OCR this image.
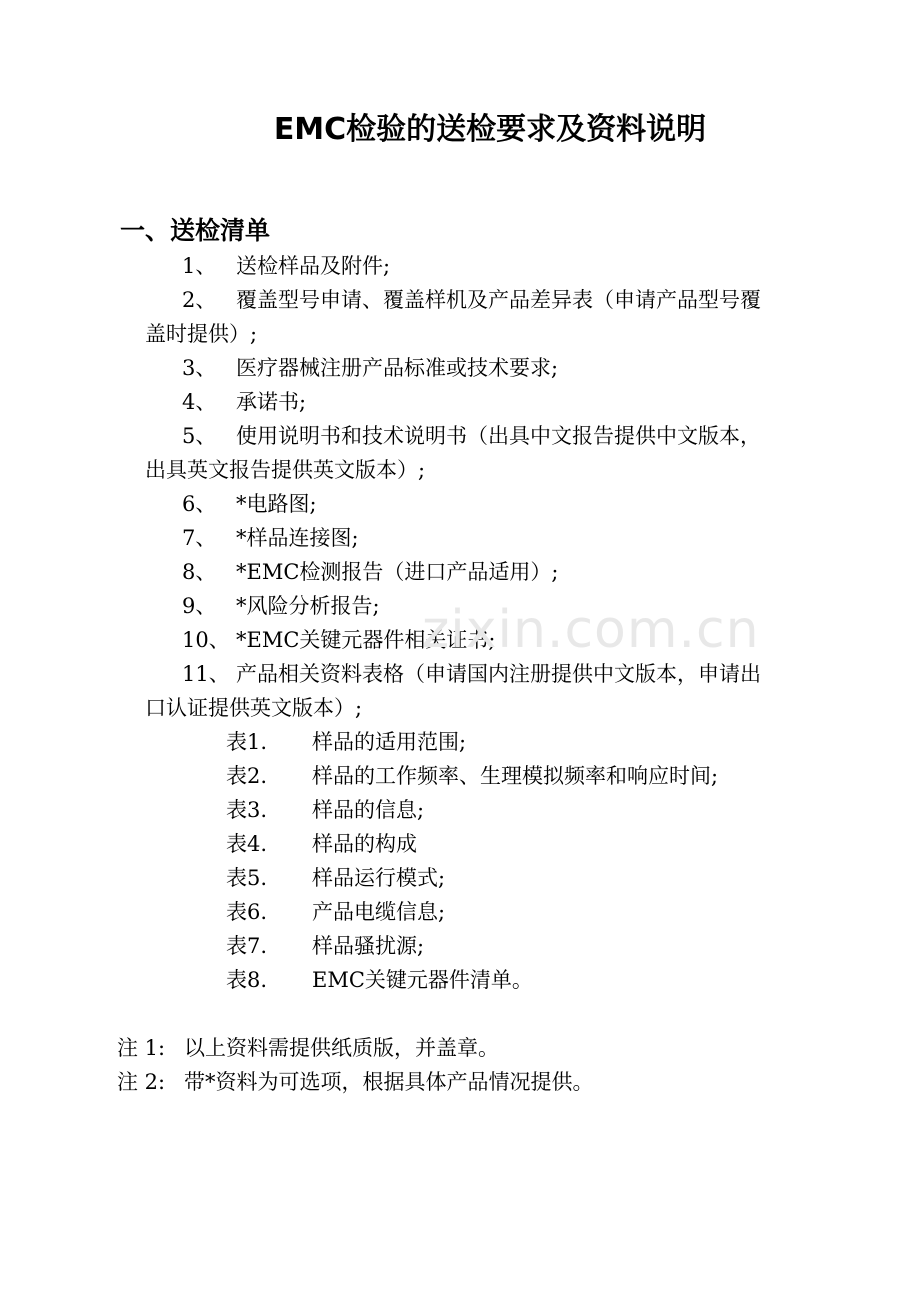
EMC检验的送检要求及资料说明
一、送检清单
1、 送检样品及附件;
2、 覆盖型号申请、覆盖样机及产品差异表（申请产品型号覆
盖时提供）;
3、 医疗器械注册产品标准或技术要求;
4、 承诺书;
5、 使用说明书和技术说明书（出具中文报告提供中文版本，
出具英文报告提供英文版本）;
6、 *电路图;
7、 *样品连接图;
8、 *EMC检测报告（进口产品适用）;
9、 *风险分析报告;
10、 *EMC关键元器件相关证书;
11、 产品相关资料表格（申请国内注册提供中文版本，申请出
口认证提供英文版本）;
表1. 样品的适用范围;
表2. 样品的工作频率、生理模拟频率和响应时间;
表3. 样品的信息;
表4. 样品的构成
表5. 样品运行模式;
表6. 产品电缆信息;
表7. 样品骚扰源;
表8. EMC关键元器件清单。
注 1: 以上资料需提供纸质版，并盖章。
注 2: 带*资料为可选项，根据具体产品情况提供。
zixin.com.cn
